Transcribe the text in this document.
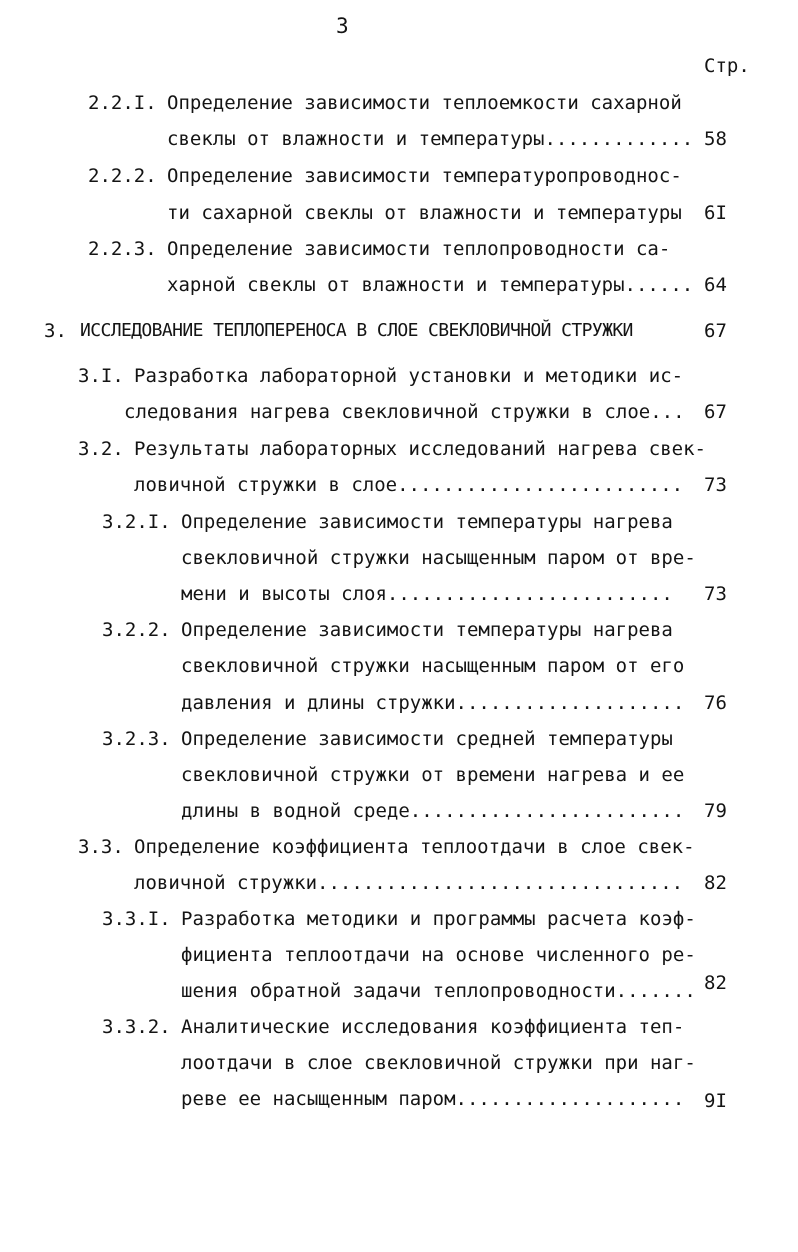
3
Стр.
2.2.I. Определение зависимости теплоемкости сахарной
свеклы от влажности и температуры............. 58
2.2.2. Определение зависимости температуропроводнос-
ти сахарной свеклы от влажности и температуры 6I
2.2.3. Определение зависимости теплопроводности са-
харной свеклы от влажности и температуры...... 64
3. ИССЛЕДОВАНИЕ ТЕПЛОПЕРЕНОСА В СЛОЕ СВЕКЛОВИЧНОЙ СТРУЖКИ	67
3.I. Разработка лабораторной установки и методики ис-
следования нагрева свекловичной стружки в слое... 67
3.2. Результаты лабораторных исследований нагрева свек-
ловичной стружки в слое......................... 73
3.2.I. Определение зависимости температуры нагрева
свекловичной стружки насыщенным паром от вре-
мени и высоты слоя......................... 73
3.2.2. Определение зависимости температуры нагрева
свекловичной стружки насыщенным паром от его
давления и длины стружки.................... 76
3.2.3. Определение зависимости средней температуры
свекловичной стружки от времени нагрева и ее
длины в водной среде........................ 79
3.3. Определение коэффициента теплоотдачи в слое свек-
ловичной стружки................................ 82
3.3.I. Разработка методики и программы расчета коэф-
фициента теплоотдачи на основе численного ре-
шения обратной задачи теплопроводности....... 82
3.3.2. Аналитические исследования коэффициента теп-
лоотдачи в слое свекловичной стружки при наг-
реве ее насыщенным паром.................... 9I
